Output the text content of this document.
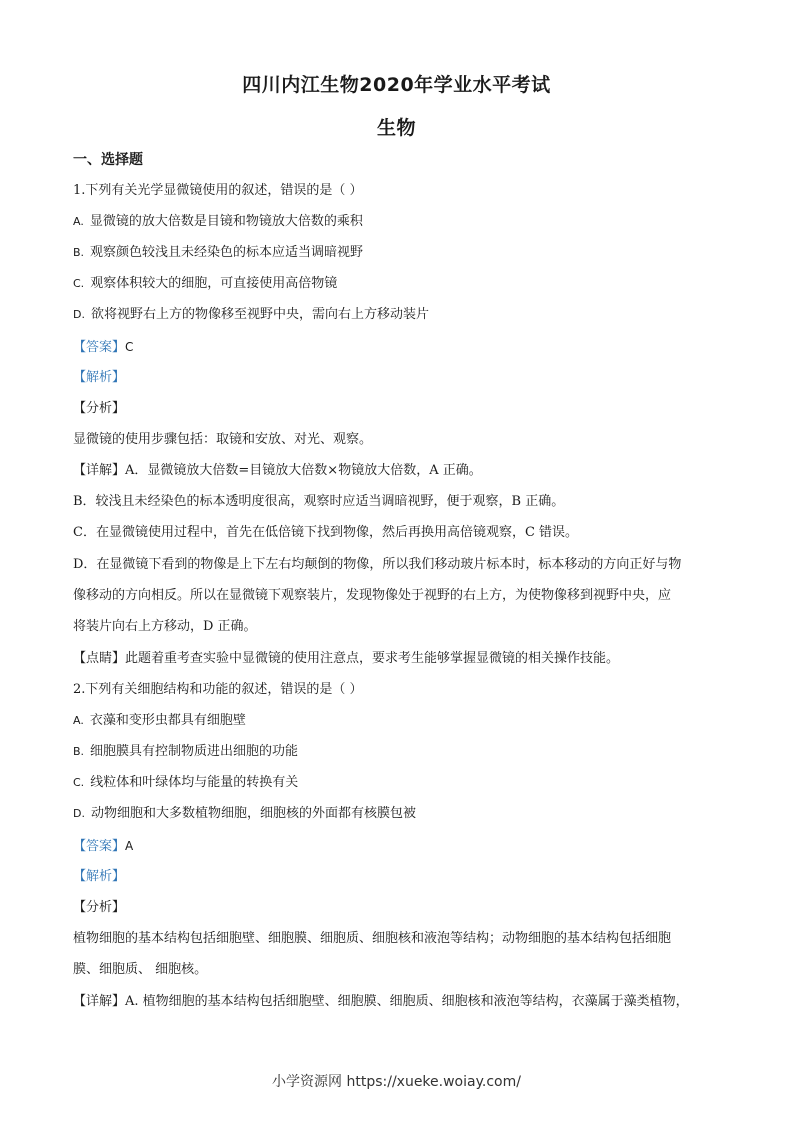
四川内江生物2020年学业水平考试
生物
一、选择题
1.下列有关光学显微镜使用的叙述，错误的是（ ）
A. 显微镜的放大倍数是目镜和物镜放大倍数的乘积
B. 观察颜色较浅且未经染色的标本应适当调暗视野
C. 观察体积较大的细胞，可直接使用高倍物镜
D. 欲将视野右上方的物像移至视野中央，需向右上方移动装片
【答案】C
【解析】
【分析】
显微镜的使用步骤包括：取镜和安放、对光、观察。
【详解】A．显微镜放大倍数=目镜放大倍数×物镜放大倍数，A 正确。
B．较浅且未经染色的标本透明度很高，观察时应适当调暗视野，便于观察，B 正确。
C．在显微镜使用过程中，首先在低倍镜下找到物像，然后再换用高倍镜观察，C 错误。
D．在显微镜下看到的物像是上下左右均颠倒的物像，所以我们移动玻片标本时，标本移动的方向正好与物
像移动的方向相反。所以在显微镜下观察装片，发现物像处于视野的右上方，为使物像移到视野中央，应
将装片向右上方移动，D 正确。
【点睛】此题着重考查实验中显微镜的使用注意点，要求考生能够掌握显微镜的相关操作技能。
2.下列有关细胞结构和功能的叙述，错误的是（ ）
A. 衣藻和变形虫都具有细胞壁
B. 细胞膜具有控制物质进出细胞的功能
C. 线粒体和叶绿体均与能量的转换有关
D. 动物细胞和大多数植物细胞，细胞核的外面都有核膜包被
【答案】A
【解析】
【分析】
植物细胞的基本结构包括细胞壁、细胞膜、细胞质、细胞核和液泡等结构；动物细胞的基本结构包括细胞
膜、细胞质、 细胞核。
【详解】A. 植物细胞的基本结构包括细胞壁、细胞膜、细胞质、细胞核和液泡等结构，衣藻属于藻类植物，
小学资源网 https://xueke.woiay.com/
